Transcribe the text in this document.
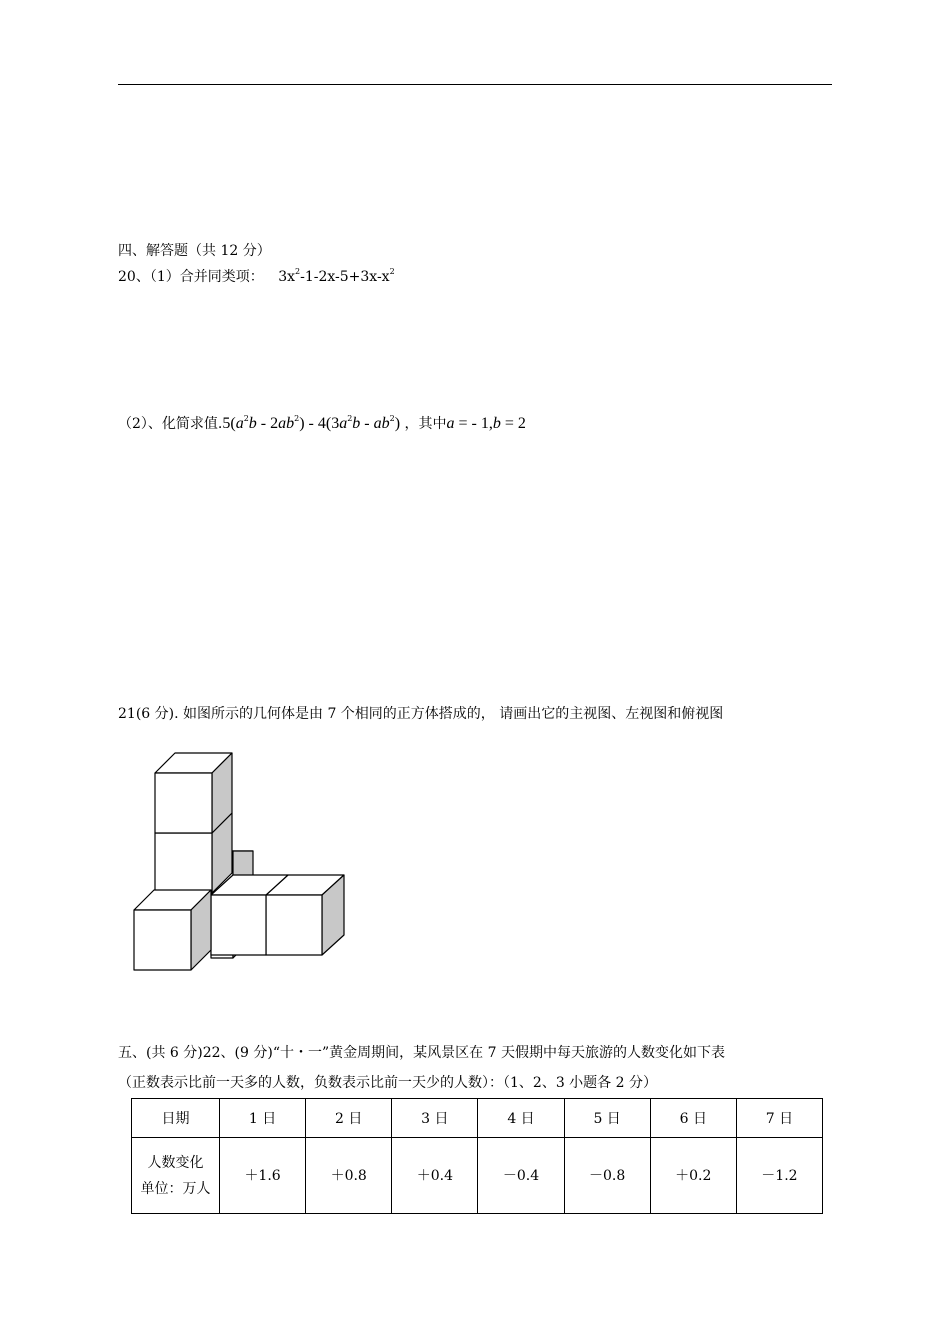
四、解答题（共 12 分）
20、（1）合并同类项： $3x^2-1-2x-5+3x-x^2$
（2）、化简求值$.5(a^2b - 2ab^2) - 4(3a^2b - ab^2)$ ，其中a = - 1,b = 2
21(6 分). 如图所示的几何体是由 7 个相同的正方体搭成的， 请画出它的主视图、左视图和俯视图
五、(共 6 分)22、(9 分)“十・一”黄金周期间，某风景区在 7 天假期中每天旅游的人数变化如下表
（正数表示比前一天多的人数，负数表示比前一天少的人数）：（1、2、3 小题各 2 分）
日期	1 日	2 日	3 日	4 日	5 日	6 日	7 日

人数变化
单位：万人	＋1.6	＋0.8	＋0.4	－0.4	－0.8	＋0.2	－1.2
